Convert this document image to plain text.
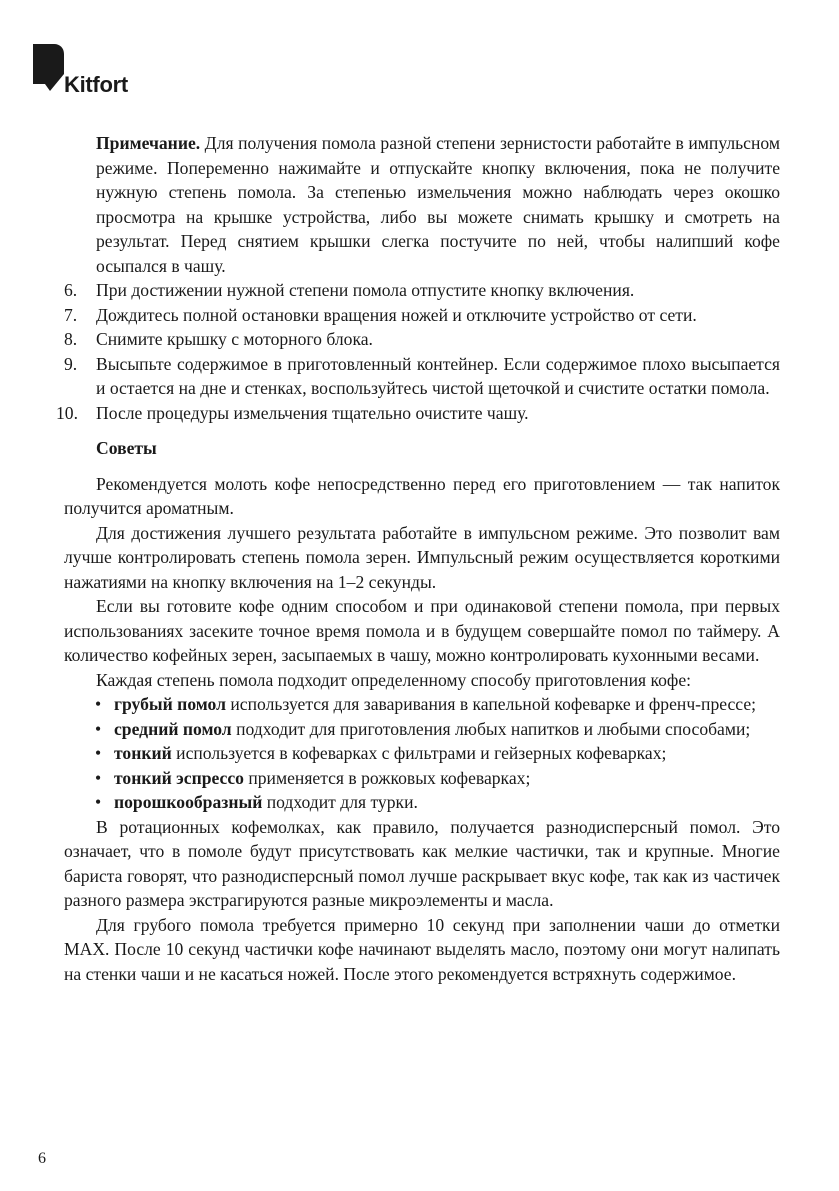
Kitfort

Примечание. Для получения помола разной степени зернистости работайте в импульсном режиме. Попеременно нажимайте и отпускайте кнопку включения, пока не получите нужную степень помола. За степенью измельчения можно наблюдать через окошко просмотра на крышке устройства, либо вы можете снимать крышку и смотреть на результат. Перед снятием крышки слегка постучите по ней, чтобы налипший кофе осыпался в чашу.

6.	При достижении нужной степени помола отпустите кнопку включения.
7.	Дождитесь полной остановки вращения ножей и отключите устройство от сети.
8.	Снимите крышку с моторного блока.
9.	Высыпьте содержимое в приготовленный контейнер. Если содержимое плохо высыпается и остается на дне и стенках, воспользуйтесь чистой щеточкой и счистите остатки помола.
10.	После процедуры измельчения тщательно очистите чашу.

Советы

Рекомендуется молоть кофе непосредственно перед его приготовлением — так напиток получится ароматным.

Для достижения лучшего результата работайте в импульсном режиме. Это позволит вам лучше контролировать степень помола зерен. Импульсный режим осуществляется короткими нажатиями на кнопку включения на 1–2 секунды.

Если вы готовите кофе одним способом и при одинаковой степени помола, при первых использованиях засеките точное время помола и в будущем совершайте помол по таймеру. А количество кофейных зерен, засыпаемых в чашу, можно контролировать кухонными весами.

Каждая степень помола подходит определенному способу приготовления кофе:

• грубый помол используется для заваривания в капельной кофеварке и френч-прессе;
• средний помол подходит для приготовления любых напитков и любыми способами;
• тонкий используется в кофеварках с фильтрами и гейзерных кофеварках;
• тонкий эспрессо применяется в рожковых кофеварках;
• порошкообразный подходит для турки.

В ротационных кофемолках, как правило, получается разнодисперсный помол. Это означает, что в помоле будут присутствовать как мелкие частички, так и крупные. Многие бариста говорят, что разнодисперсный помол лучше раскрывает вкус кофе, так как из частичек разного размера экстрагируются разные микроэлементы и масла.

Для грубого помола требуется примерно 10 секунд при заполнении чаши до отметки MAX. После 10 секунд частички кофе начинают выделять масло, поэтому они могут налипать на стенки чаши и не касаться ножей. После этого рекомендуется встряхнуть содержимое.

6
